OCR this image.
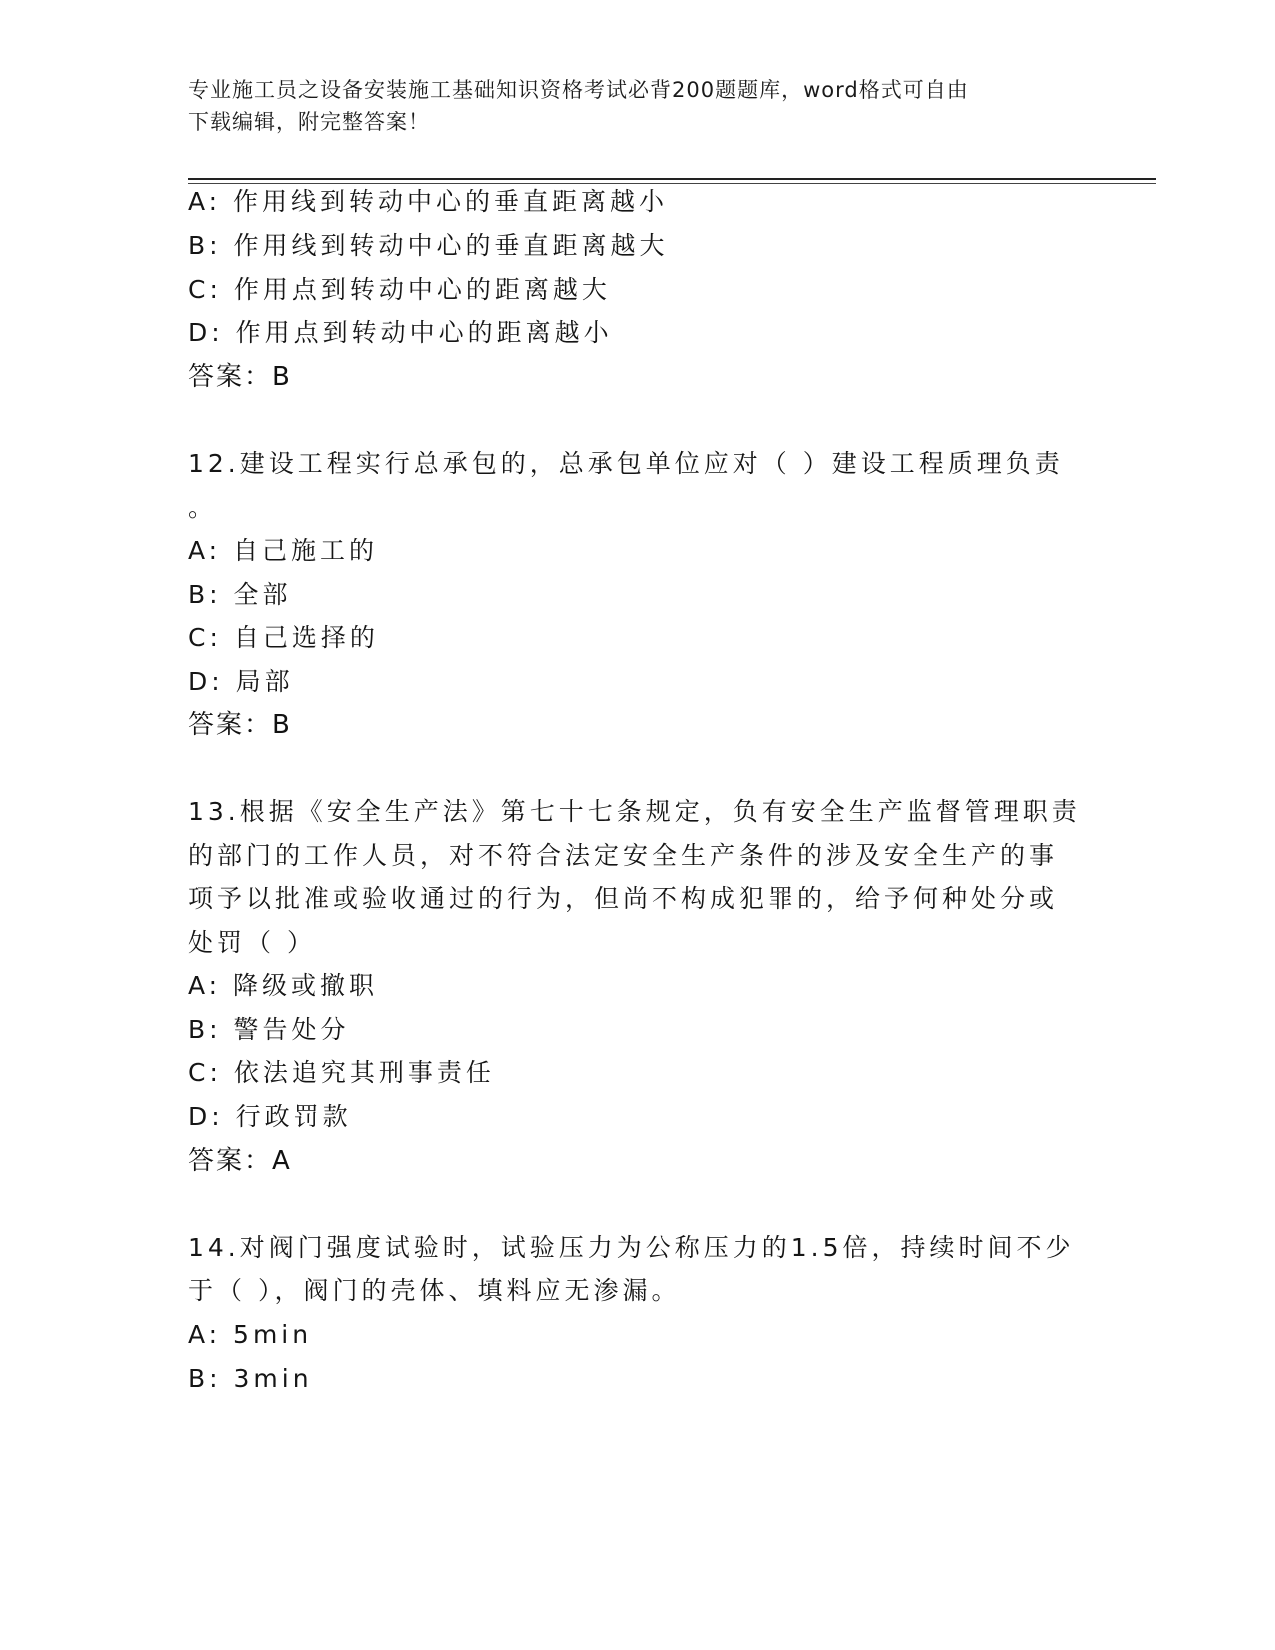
专业施工员之设备安装施工基础知识资格考试必背200题题库，word格式可自由
下载编辑，附完整答案！
A: 作用线到转动中心的垂直距离越小
B: 作用线到转动中心的垂直距离越大
C: 作用点到转动中心的距离越大
D: 作用点到转动中心的距离越小
答案：B
12.建设工程实行总承包的，总承包单位应对（ ）建设工程质理负责
。
A: 自己施工的
B: 全部
C: 自己选择的
D: 局部
答案：B
13.根据《安全生产法》第七十七条规定，负有安全生产监督管理职责
的部门的工作人员，对不符合法定安全生产条件的涉及安全生产的事
项予以批准或验收通过的行为，但尚不构成犯罪的，给予何种处分或
处罚（ ）
A: 降级或撤职
B: 警告处分
C: 依法追究其刑事责任
D: 行政罚款
答案：A
14.对阀门强度试验时，试验压力为公称压力的1.5倍，持续时间不少
于（ ），阀门的壳体、填料应无渗漏。
A: 5min
B: 3min
